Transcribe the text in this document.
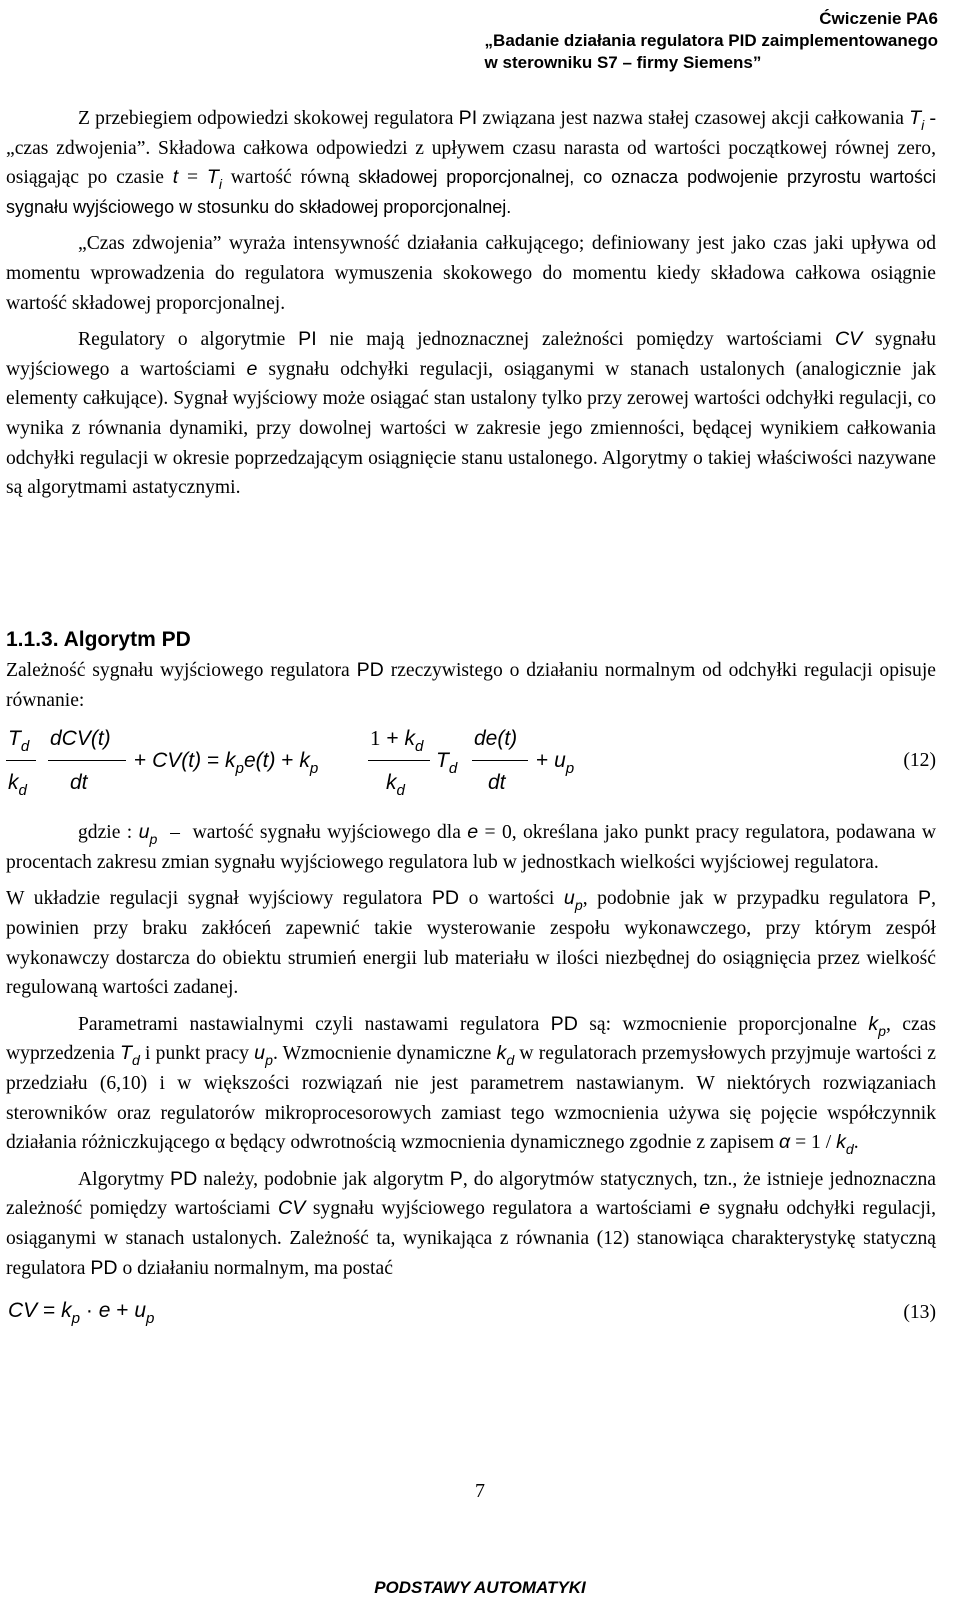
Ćwiczenie PA6
„Badanie działania regulatora PID zaimplementowanego
w sterowniku S7 – firmy Siemens”

Z przebiegiem odpowiedzi skokowej regulatora PI związana jest nazwa stałej czasowej akcji całkowania $T_i$ - „czas zdwojenia”. Składowa całkowa odpowiedzi z upływem czasu narasta od wartości początkowej równej zero, osiągając po czasie $t = T_i$ wartość równą składowej proporcjonalnej, co oznacza podwojenie przyrostu wartości sygnału wyjściowego w stosunku do składowej proporcjonalnej.

„Czas zdwojenia” wyraża intensywność działania całkującego; definiowany jest jako czas jaki upływa od momentu wprowadzenia do regulatora wymuszenia skokowego do momentu kiedy składowa całkowa osiągnie wartość składowej proporcjonalnej.

Regulatory o algorytmie PI nie mają jednoznacznej zależności pomiędzy wartościami CV sygnału wyjściowego a wartościami e sygnału odchyłki regulacji, osiąganymi w stanach ustalonych (analogicznie jak elementy całkujące). Sygnał wyjściowy może osiągać stan ustalony tylko przy zerowej wartości odchyłki regulacji, co wynika z równania dynamiki, przy dowolnej wartości w zakresie jego zmienności, będącej wynikiem całkowania odchyłki regulacji w okresie poprzedzającym osiągnięcie stanu ustalonego. Algorytmy o takiej właściwości nazywane są algorytmami astatycznymi.

1.1.3. Algorytm PD

Zależność sygnału wyjściowego regulatora PD rzeczywistego o działaniu normalnym od odchyłki regulacji opisuje równanie:

$T_d$
$k_d$
dCV(t)
dt
+ $CV(t) = k_pe(t) + k_p$
$1 + k_d$
$k_d$
$T_d$
de(t)
dt
+ $u_p$	(12)

gdzie : $u_p$  –  wartość sygnału wyjściowego dla e = 0, określana jako punkt pracy regulatora, podawana w procentach zakresu zmian sygnału wyjściowego regulatora lub w jednostkach wielkości wyjściowej regulatora.

W układzie regulacji sygnał wyjściowy regulatora PD o wartości $u_p$, podobnie jak w przypadku regulatora P, powinien przy braku zakłóceń zapewnić takie wysterowanie zespołu wykonawczego, przy którym zespół wykonawczy dostarcza do obiektu strumień energii lub materiału w ilości niezbędnej do osiągnięcia przez wielkość regulowaną wartości zadanej.

Parametrami nastawialnymi czyli nastawami regulatora PD są: wzmocnienie proporcjonalne $k_p$, czas wyprzedzenia $T_d$ i punkt pracy $u_p$. Wzmocnienie dynamiczne $k_d$ w regulatorach przemysłowych przyjmuje wartości z przedziału (6,10) i w większości rozwiązań nie jest parametrem nastawianym. W niektórych rozwiązaniach sterowników oraz regulatorów mikroprocesorowych zamiast tego wzmocnienia używa się pojęcie współczynnik działania różniczkującego α będący odwrotnością wzmocnienia dynamicznego zgodnie z zapisem $\alpha = 1 / k_d$.

Algorytmy PD należy, podobnie jak algorytm P, do algorytmów statycznych, tzn., że istnieje jednoznaczna zależność pomiędzy wartościami CV sygnału wyjściowego regulatora a wartościami e sygnału odchyłki regulacji, osiąganymi w stanach ustalonych. Zależność ta, wynikająca z równania (12) stanowiąca charakterystykę statyczną regulatora PD o działaniu normalnym, ma postać

CV = $k_p \cdot e + u_p$	(13)
7
PODSTAWY AUTOMATYKI
